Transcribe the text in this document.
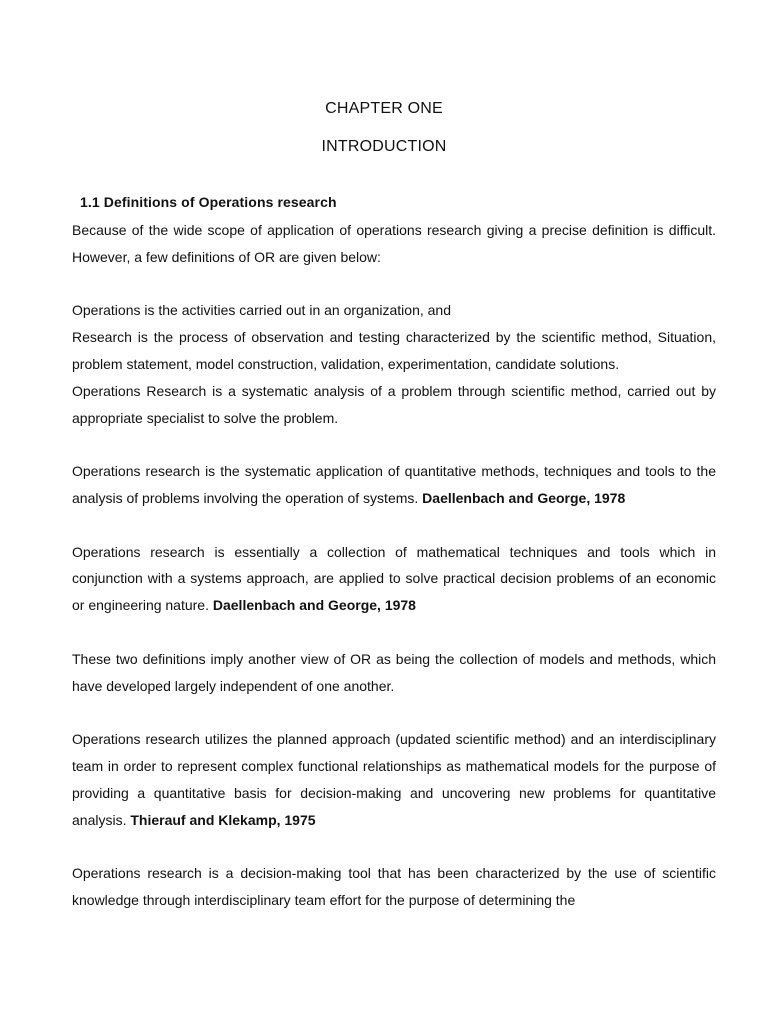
CHAPTER ONE
INTRODUCTION
1.1 Definitions of Operations research

Because of the wide scope of application of operations research giving a precise definition is difficult. However, a few definitions of OR are given below:

Operations is the activities carried out in an organization, and

Research is the process of observation and testing characterized by the scientific method, Situation, problem statement, model construction, validation, experimentation, candidate solutions.

Operations Research is a systematic analysis of a problem through scientific method, carried out by appropriate specialist to solve the problem.

Operations research is the systematic application of quantitative methods, techniques and tools to the analysis of problems involving the operation of systems. Daellenbach and George, 1978

Operations research is essentially a collection of mathematical techniques and tools which in conjunction with a systems approach, are applied to solve practical decision problems of an economic or engineering nature. Daellenbach and George, 1978

These two definitions imply another view of OR as being the collection of models and methods, which have developed largely independent of one another.

Operations research utilizes the planned approach (updated scientific method) and an interdisciplinary team in order to represent complex functional relationships as mathematical models for the purpose of providing a quantitative basis for decision-making and uncovering new problems for quantitative analysis. Thierauf and Klekamp, 1975

Operations research is a decision-making tool that has been characterized by the use of scientific knowledge through interdisciplinary team effort for the purpose of determining the
